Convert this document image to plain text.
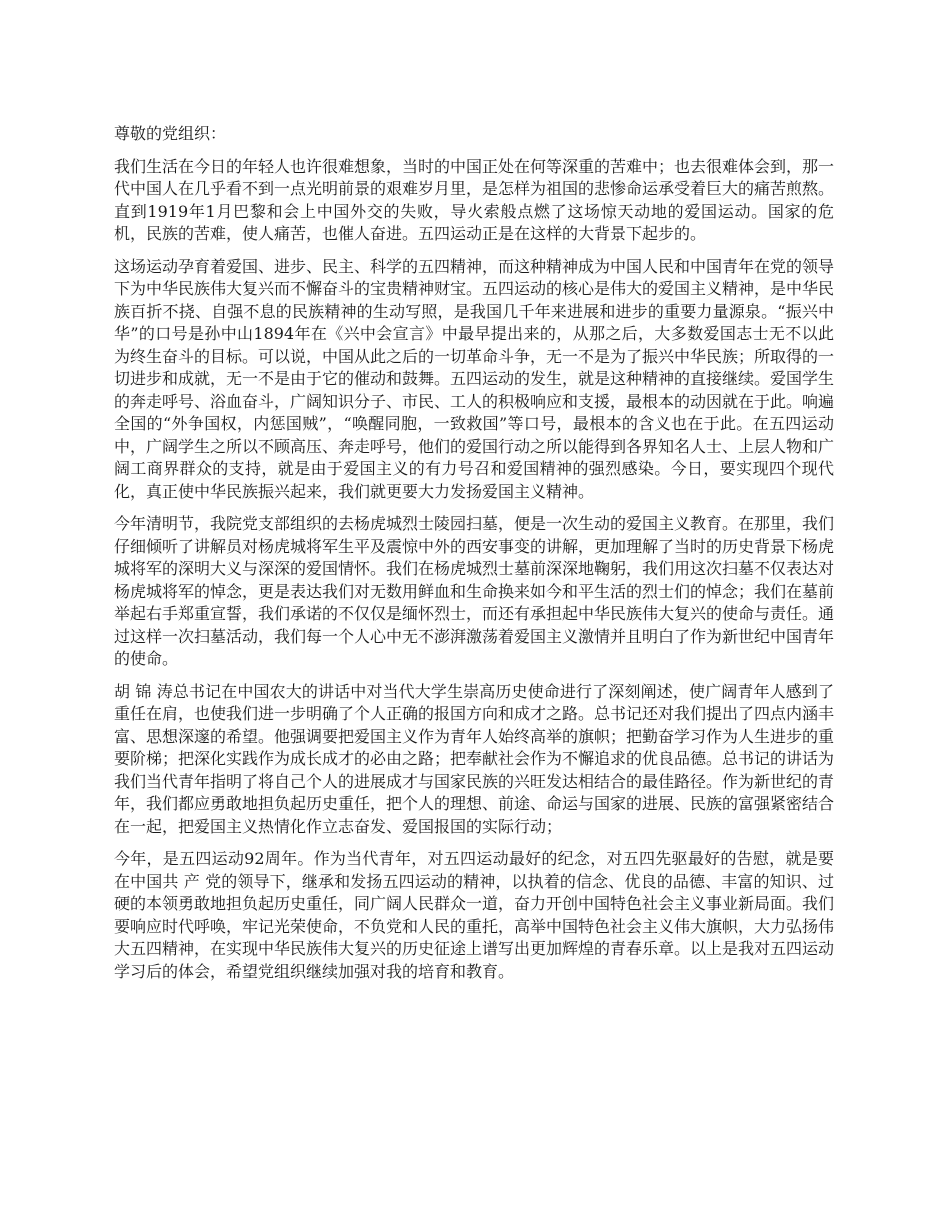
尊敬的党组织：

我们生活在今日的年轻人也许很难想象，当时的中国正处在何等深重的苦难中；也去很难体会到，那一代中国人在几乎看不到一点光明前景的艰难岁月里，是怎样为祖国的悲惨命运承受着巨大的痛苦煎熬。直到1919年1月巴黎和会上中国外交的失败，导火索般点燃了这场惊天动地的爱国运动。国家的危机，民族的苦难，使人痛苦，也催人奋进。五四运动正是在这样的大背景下起步的。

这场运动孕育着爱国、进步、民主、科学的五四精神，而这种精神成为中国人民和中国青年在党的领导下为中华民族伟大复兴而不懈奋斗的宝贵精神财宝。五四运动的核心是伟大的爱国主义精神，是中华民族百折不挠、自强不息的民族精神的生动写照，是我国几千年来进展和进步的重要力量源泉。“振兴中华”的口号是孙中山1894年在《兴中会宣言》中最早提出来的，从那之后，大多数爱国志士无不以此为终生奋斗的目标。可以说，中国从此之后的一切革命斗争，无一不是为了振兴中华民族；所取得的一切进步和成就，无一不是由于它的催动和鼓舞。五四运动的发生，就是这种精神的直接继续。爱国学生的奔走呼号、浴血奋斗，广阔知识分子、市民、工人的积极响应和支援，最根本的动因就在于此。响遍全国的“外争国权，内惩国贼”，“唤醒同胞，一致救国”等口号，最根本的含义也在于此。在五四运动中，广阔学生之所以不顾高压、奔走呼号，他们的爱国行动之所以能得到各界知名人士、上层人物和广阔工商界群众的支持，就是由于爱国主义的有力号召和爱国精神的强烈感染。今日，要实现四个现代化，真正使中华民族振兴起来，我们就更要大力发扬爱国主义精神。

今年清明节，我院党支部组织的去杨虎城烈士陵园扫墓，便是一次生动的爱国主义教育。在那里，我们仔细倾听了讲解员对杨虎城将军生平及震惊中外的西安事变的讲解，更加理解了当时的历史背景下杨虎城将军的深明大义与深深的爱国情怀。我们在杨虎城烈士墓前深深地鞠躬，我们用这次扫墓不仅表达对杨虎城将军的悼念，更是表达我们对无数用鲜血和生命换来如今和平生活的烈士们的悼念；我们在墓前举起右手郑重宣誓，我们承诺的不仅仅是缅怀烈士，而还有承担起中华民族伟大复兴的使命与责任。通过这样一次扫墓活动，我们每一个人心中无不澎湃激荡着爱国主义激情并且明白了作为新世纪中国青年的使命。

胡 锦 涛总书记在中国农大的讲话中对当代大学生崇高历史使命进行了深刻阐述，使广阔青年人感到了重任在肩，也使我们进一步明确了个人正确的报国方向和成才之路。总书记还对我们提出了四点内涵丰富、思想深邃的希望。他强调要把爱国主义作为青年人始终高举的旗帜；把勤奋学习作为人生进步的重要阶梯；把深化实践作为成长成才的必由之路；把奉献社会作为不懈追求的优良品德。总书记的讲话为我们当代青年指明了将自己个人的进展成才与国家民族的兴旺发达相结合的最佳路径。作为新世纪的青年，我们都应勇敢地担负起历史重任，把个人的理想、前途、命运与国家的进展、民族的富强紧密结合在一起，把爱国主义热情化作立志奋发、爱国报国的实际行动；

今年，是五四运动92周年。作为当代青年，对五四运动最好的纪念，对五四先驱最好的告慰，就是要在中国共 产 党的领导下，继承和发扬五四运动的精神，以执着的信念、优良的品德、丰富的知识、过硬的本领勇敢地担负起历史重任，同广阔人民群众一道，奋力开创中国特色社会主义事业新局面。我们要响应时代呼唤，牢记光荣使命，不负党和人民的重托，高举中国特色社会主义伟大旗帜，大力弘扬伟大五四精神，在实现中华民族伟大复兴的历史征途上谱写出更加辉煌的青春乐章。以上是我对五四运动学习后的体会，希望党组织继续加强对我的培育和教育。
